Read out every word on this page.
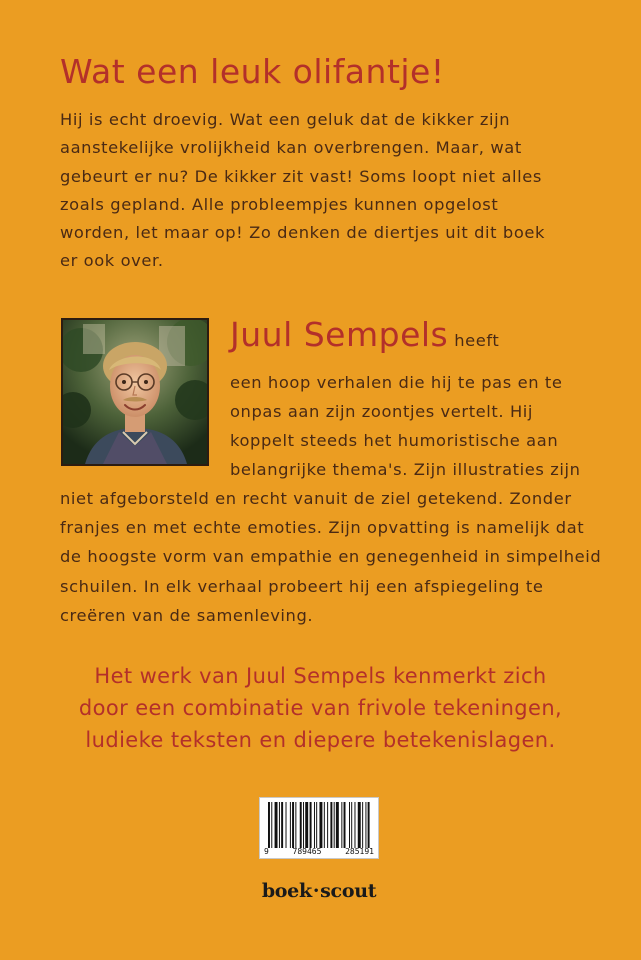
Wat een leuk olifantje!
Hij is echt droevig. Wat een geluk dat de kikker zijn
aanstekelijke vrolijkheid kan overbrengen. Maar, wat
gebeurt er nu? De kikker zit vast! Soms loopt niet alles
zoals gepland. Alle probleempjes kunnen opgelost
worden, let maar op! Zo denken de diertjes uit dit boek
er ook over.
Juul Sempels heeft
een hoop verhalen die hij te pas en te
onpas aan zijn zoontjes vertelt. Hij
koppelt steeds het humoristische aan
belangrijke thema's. Zijn illustraties zijn
niet afgeborsteld en recht vanuit de ziel getekend. Zonder
franjes en met echte emoties. Zijn opvatting is namelijk dat
de hoogste vorm van empathie en genegenheid in simpelheid
schuilen. In elk verhaal probeert hij een afspiegeling te
creëren van de samenleving.
Het werk van Juul Sempels kenmerkt zich
door een combinatie van frivole tekeningen,
ludieke teksten en diepere betekenislagen.
9	789465	285191
boek·scout
